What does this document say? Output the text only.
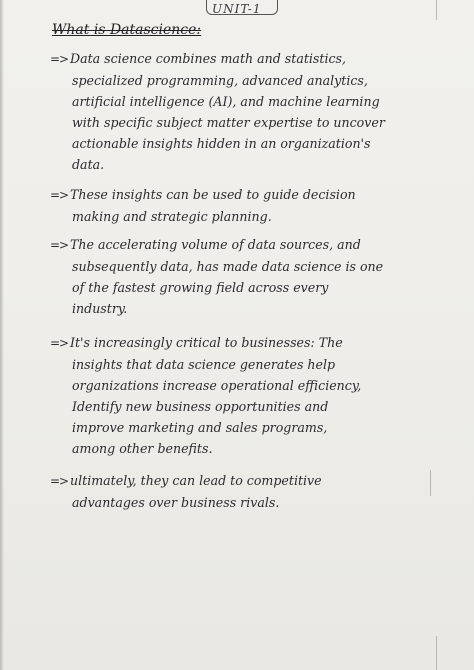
UNIT-1
What is Datascience:
=> Data science combines math and statistics,
specialized programming, advanced analytics,
artificial intelligence (AI), and machine learning
with specific subject matter expertise to uncover
actionable insights hidden in an organization's
data.
=> These insights can be used to guide decision
making and strategic planning.
=> The accelerating volume of data sources, and
subsequently data, has made data science is one
of the fastest growing field across every
industry.
=> It's increasingly critical to businesses: The
insights that data science generates help
organizations increase operational efficiency,
Identify new business opportunities and
improve marketing and sales programs,
among other benefits.
=> ultimately, they can lead to competitive
advantages over business rivals.
